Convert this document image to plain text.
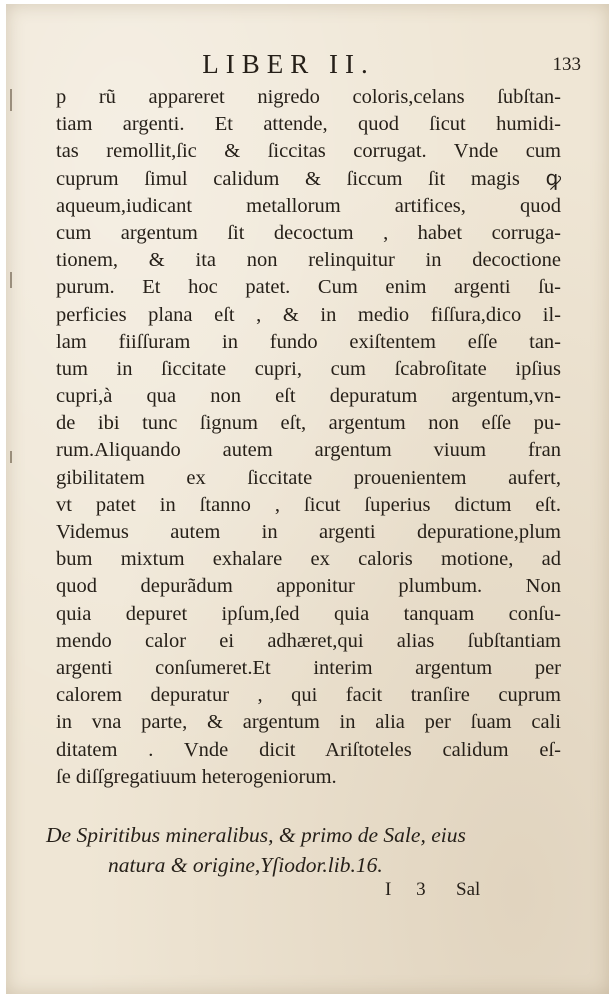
LIBER II.	133
p rũ appareret nigredo coloris,celans ſubſtan-
tiam argenti. Et attende, quod ſicut humidi-
tas remollit,ſic & ſiccitas corrugat. Vnde cum
cuprum ſimul calidum & ſiccum ſit magis ꝙ
aqueum,iudicant metallorum artifices, quod
cum argentum ſit decoctum , habet corruga-
tionem, & ita non relinquitur in decoctione
purum. Et hoc patet. Cum enim argenti ſu-
perficies plana eſt , & in medio fiſſura,dico il-
lam fiiſſuram in fundo exiſtentem eſſe tan-
tum in ſiccitate cupri, cum ſcabroſitate ipſius
cupri,à qua non eſt depuratum argentum,vn-
de ibi tunc ſignum eſt, argentum non eſſe pu-
rum.Aliquando autem argentum viuum fran
gibilitatem ex ſiccitate prouenientem aufert,
vt patet in ſtanno , ſicut ſuperius dictum eſt.
Videmus autem in argenti depuratione,plum
bum mixtum exhalare ex caloris motione, ad
quod depurãdum apponitur plumbum. Non
quia depuret ipſum,ſed quia tanquam conſu-
mendo calor ei adhæret,qui alias ſubſtantiam
argenti conſumeret.Et interim argentum per
calorem depuratur , qui facit tranſire cuprum
in vna parte, & argentum in alia per ſuam cali
ditatem . Vnde dicit Ariſtoteles calidum eſ-
ſe diſſgregatiuum heterogeniorum.
De Spiritibus mineralibus, & primo de Sale, eius
natura & origine,Yſiodor.lib.16.
I 3 Sal
